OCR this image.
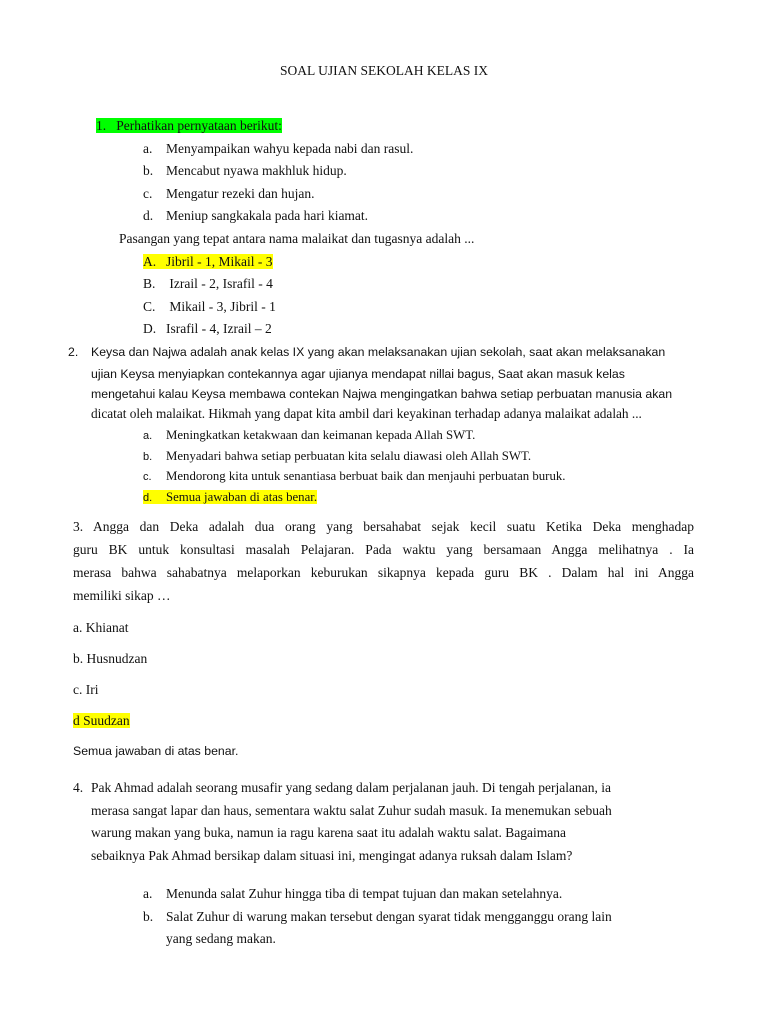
SOAL UJIAN SEKOLAH KELAS IX
1. Perhatikan pernyataan berikut:
a. Menyampaikan wahyu kepada nabi dan rasul.
b. Mencabut nyawa makhluk hidup.
c. Mengatur rezeki dan hujan.
d. Meniup sangkakala pada hari kiamat.
Pasangan yang tepat antara nama malaikat dan tugasnya adalah ...
A. Jibril - 1, Mikail - 3
B. Izrail - 2, Israfil - 4
C. Mikail - 3, Jibril - 1
D. Israfil - 4, Izrail – 2
2. Keysa dan Najwa adalah anak kelas IX yang akan melaksanakan ujian sekolah, saat akan melaksanakan
ujian Keysa menyiapkan contekannya agar ujianya mendapat nillai bagus, Saat akan masuk kelas
mengetahui kalau Keysa membawa contekan Najwa mengingatkan bahwa setiap perbuatan manusia akan
dicatat oleh malaikat. Hikmah yang dapat kita ambil dari keyakinan terhadap adanya malaikat adalah ...
a. Meningkatkan ketakwaan dan keimanan kepada Allah SWT.
b. Menyadari bahwa setiap perbuatan kita selalu diawasi oleh Allah SWT.
c. Mendorong kita untuk senantiasa berbuat baik dan menjauhi perbuatan buruk.
d. Semua jawaban di atas benar.
3. Angga dan Deka adalah dua orang yang bersahabat sejak kecil suatu Ketika Deka menghadap
guru BK untuk konsultasi masalah Pelajaran. Pada waktu yang bersamaan Angga melihatnya . Ia
merasa bahwa sahabatnya melaporkan keburukan sikapnya kepada guru BK . Dalam hal ini Angga
memiliki sikap …
a. Khianat
b. Husnudzan
c. Iri
d Suudzan
Semua jawaban di atas benar.
4. Pak Ahmad adalah seorang musafir yang sedang dalam perjalanan jauh. Di tengah perjalanan, ia
merasa sangat lapar dan haus, sementara waktu salat Zuhur sudah masuk. Ia menemukan sebuah
warung makan yang buka, namun ia ragu karena saat itu adalah waktu salat. Bagaimana
sebaiknya Pak Ahmad bersikap dalam situasi ini, mengingat adanya ruksah dalam Islam?
a. Menunda salat Zuhur hingga tiba di tempat tujuan dan makan setelahnya.
b. Salat Zuhur di warung makan tersebut dengan syarat tidak mengganggu orang lain
yang sedang makan.
